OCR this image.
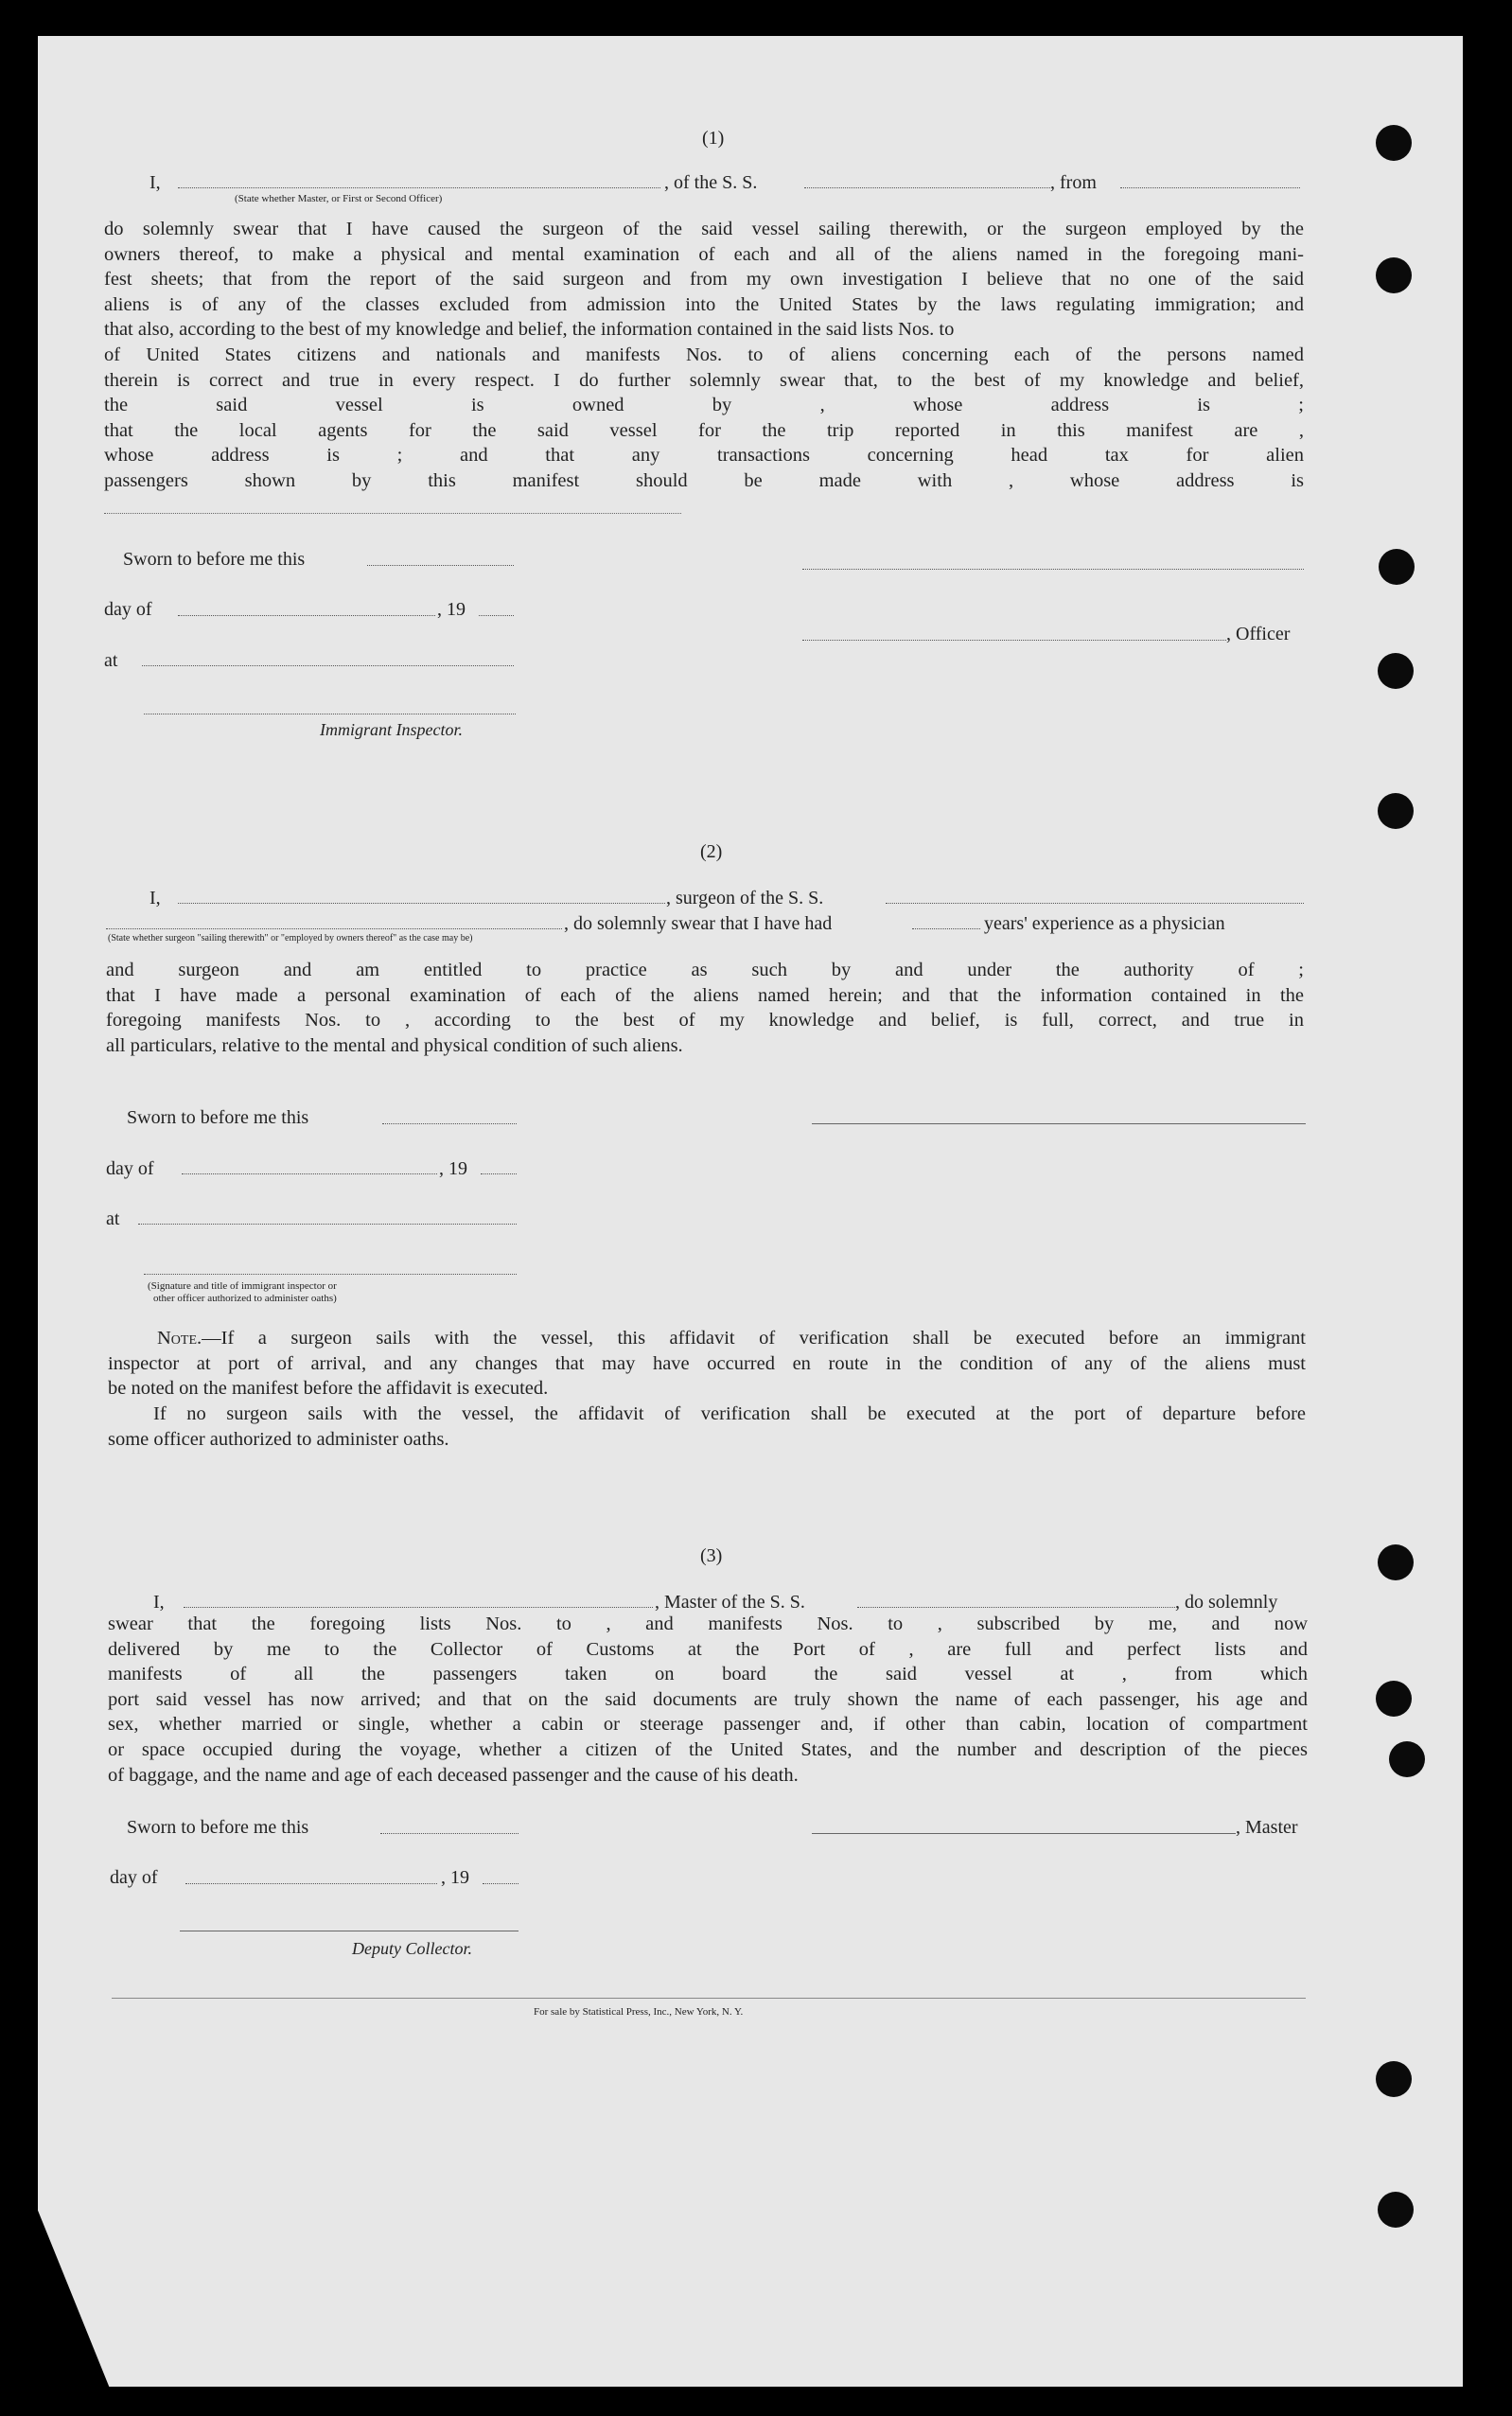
(1)
I,	, of the S. S.	, from
(State whether Master, or First or Second Officer)
do solemnly swear that I have caused the surgeon of the said vessel sailing therewith, or the surgeon employed by the
owners thereof, to make a physical and mental examination of each and all of the aliens named in the foregoing mani-
fest sheets; that from the report of the said surgeon and from my own investigation I believe that no one of the said
aliens is of any of the classes excluded from admission into the United States by the laws regulating immigration; and
that also, according to the best of my knowledge and belief, the information contained in the said lists Nos. to
of United States citizens and nationals and manifests Nos. to of aliens concerning each of the persons named
therein is correct and true in every respect. I do further solemnly swear that, to the best of my knowledge and belief,
the said vessel is owned by , whose address is ;
that the local agents for the said vessel for the trip reported in this manifest are ,
whose address is ; and that any transactions concerning head tax for alien
passengers shown by this manifest should be made with , whose address is
Sworn to before me this
day of	, 19
, Officer
at
Immigrant Inspector.
(2)
I,	, surgeon of the S. S.
, do solemnly swear that I have had	years' experience as a physician
(State whether surgeon "sailing therewith" or "employed by owners thereof" as the case may be)
and surgeon and am entitled to practice as such by and under the authority of ;
that I have made a personal examination of each of the aliens named herein; and that the information contained in the
foregoing manifests Nos. to , according to the best of my knowledge and belief, is full, correct, and true in
all particulars, relative to the mental and physical condition of such aliens.
Sworn to before me this
day of	, 19
at
(Signature and title of immigrant inspector or
other officer authorized to administer oaths)
Note.—If a surgeon sails with the vessel, this affidavit of verification shall be executed before an immigrant
inspector at port of arrival, and any changes that may have occurred en route in the condition of any of the aliens must
be noted on the manifest before the affidavit is executed.
If no surgeon sails with the vessel, the affidavit of verification shall be executed at the port of departure before
some officer authorized to administer oaths.
(3)
I,	, Master of the S. S.	, do solemnly
swear that the foregoing lists Nos. to , and manifests Nos. to , subscribed by me, and now
delivered by me to the Collector of Customs at the Port of , are full and perfect lists and
manifests of all the passengers taken on board the said vessel at , from which
port said vessel has now arrived; and that on the said documents are truly shown the name of each passenger, his age and
sex, whether married or single, whether a cabin or steerage passenger and, if other than cabin, location of compartment
or space occupied during the voyage, whether a citizen of the United States, and the number and description of the pieces
of baggage, and the name and age of each deceased passenger and the cause of his death.
Sworn to before me this	, Master
day of	, 19
Deputy Collector.
For sale by Statistical Press, Inc., New York, N. Y.
